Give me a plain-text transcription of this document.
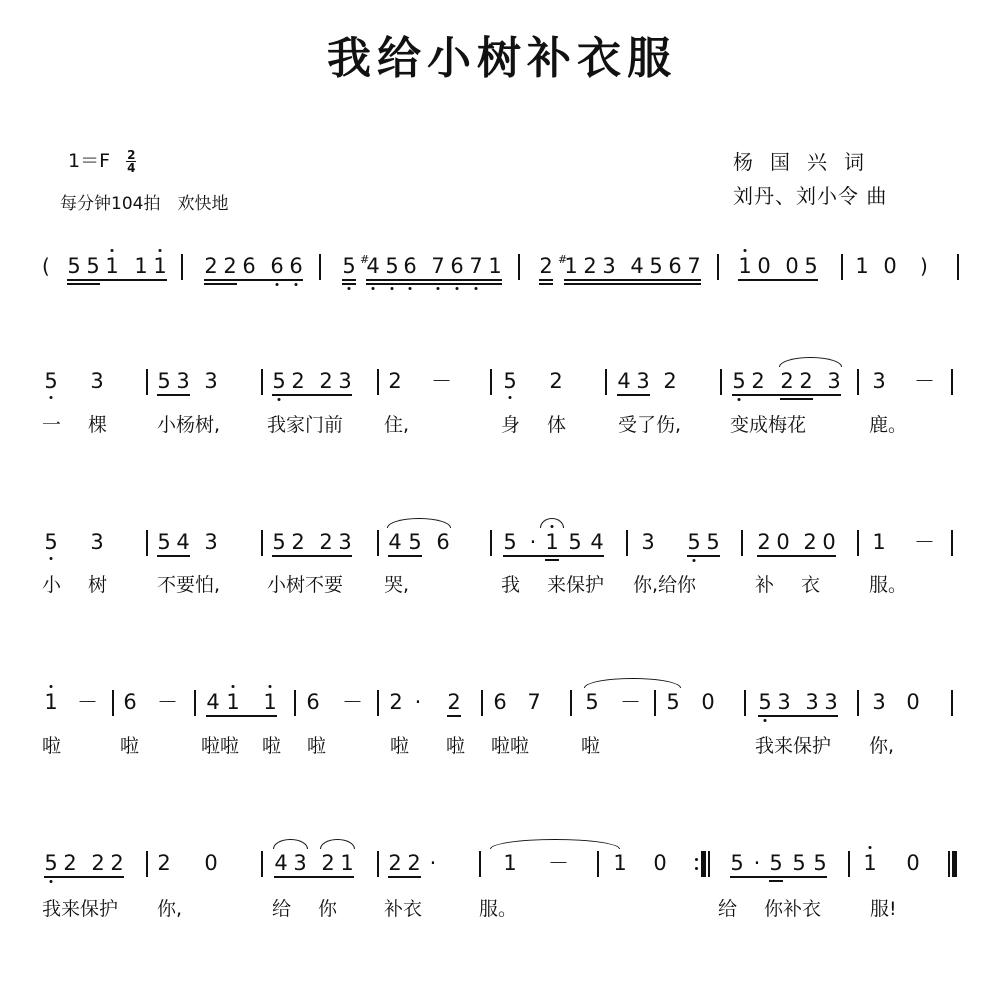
我给小树补衣服
$1=F \frac{2}{4}$
每分钟104拍　欢快地
杨国兴词
刘丹、刘小令 曲
( 5 5 1 1 1 2 2 6 6 6 5 #
4 5 6 7 6 7 1 2 #
1 2 3 4 5 6 7 1 0 0 5 1 0 )
5 3	5 3 3	5 2 2 3 2 － 5 2	4 3 2	5 2 2 2 3 3 －
一 棵	小杨树, 我家门前 住,	身 体	受了伤,	变成梅花	鹿。
5 3	5 4 3	5 2 2 3 4 5 6	5 · 1 5 4 3 5 5 2 0 2 0 1 －
小 树	不要怕, 小树不要 哭,	我 来保护 你,给你	补 衣	服。
1 － 6 － 4 1 1 6 － 2 · 2 6 7 5 － 5 0 5 3 3 3 3 0
啦	啦	啦啦 啦 啦	啦 啦 啦啦	啦	我来保护 你,
5 2 2 2 2 0	4 3 2 1 2 2 ·	1 － 1 0	5 · 5 5 5 1 0
我来保护 你,	给 你 补衣	服。	给 你补衣	服!
